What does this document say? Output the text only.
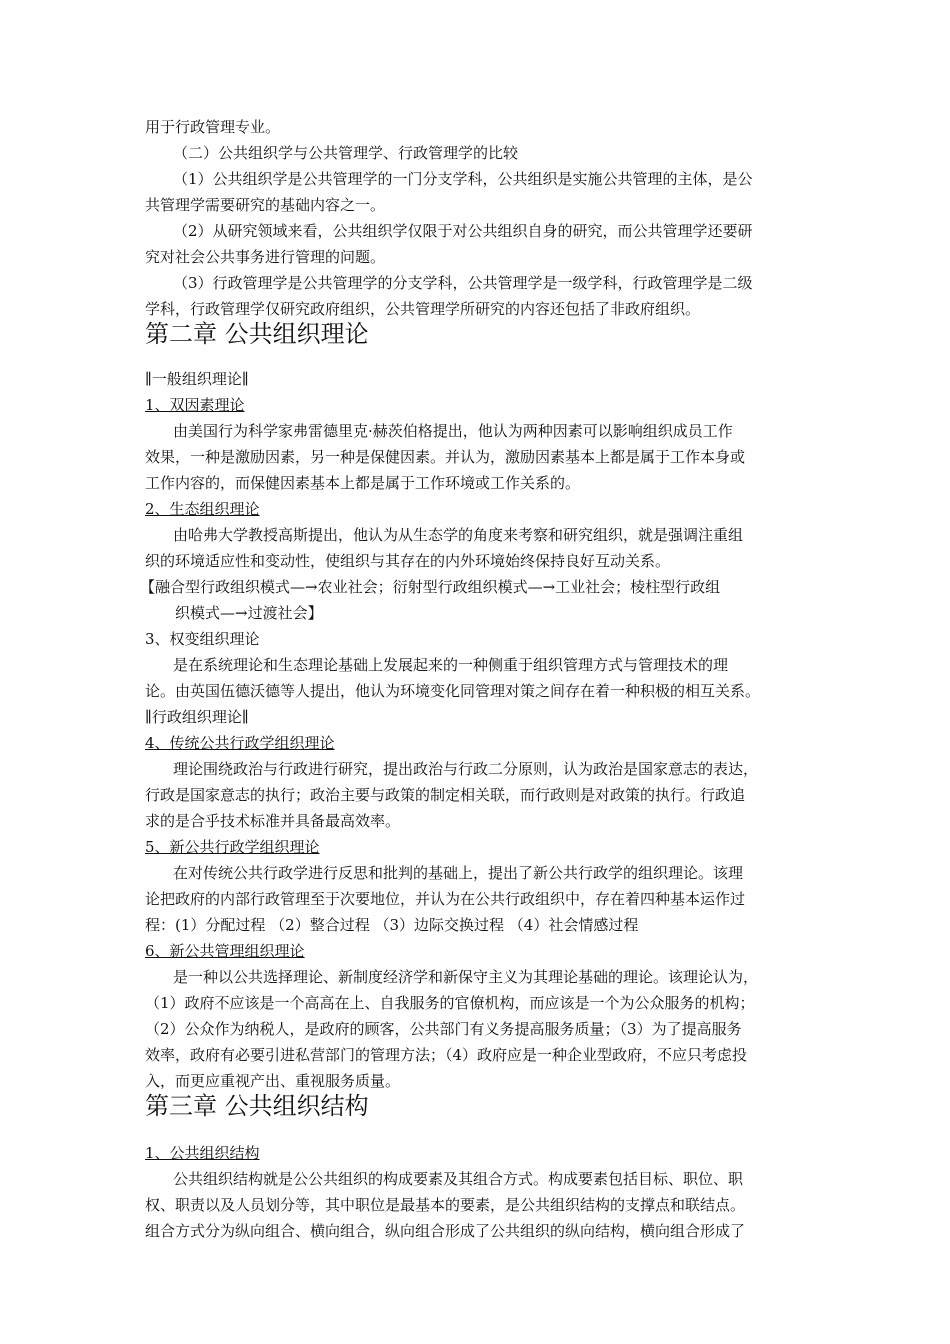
用于行政管理专业。
（二）公共组织学与公共管理学、行政管理学的比较
（1）公共组织学是公共管理学的一门分支学科，公共组织是实施公共管理的主体，是公
共管理学需要研究的基础内容之一。
（2）从研究领域来看，公共组织学仅限于对公共组织自身的研究，而公共管理学还要研
究对社会公共事务进行管理的问题。
（3）行政管理学是公共管理学的分支学科，公共管理学是一级学科，行政管理学是二级
学科，行政管理学仅研究政府组织，公共管理学所研究的内容还包括了非政府组织。
第二章 公共组织理论
∥一般组织理论∥
1、双因素理论
由美国行为科学家弗雷德里克·赫茨伯格提出，他认为两种因素可以影响组织成员工作
效果，一种是激励因素，另一种是保健因素。并认为，激励因素基本上都是属于工作本身或
工作内容的，而保健因素基本上都是属于工作环境或工作关系的。
2、生态组织理论
由哈弗大学教授高斯提出，他认为从生态学的角度来考察和研究组织，就是强调注重组
织的环境适应性和变动性，使组织与其存在的内外环境始终保持良好互动关系。
【融合型行政组织模式—→农业社会；衍射型行政组织模式—→工业社会；棱柱型行政组
织模式—→过渡社会】
3、权变组织理论
是在系统理论和生态理论基础上发展起来的一种侧重于组织管理方式与管理技术的理
论。由英国伍德沃德等人提出，他认为环境变化同管理对策之间存在着一种积极的相互关系。
∥行政组织理论∥
4、传统公共行政学组织理论
理论围绕政治与行政进行研究，提出政治与行政二分原则，认为政治是国家意志的表达，
行政是国家意志的执行；政治主要与政策的制定相关联，而行政则是对政策的执行。行政追
求的是合乎技术标准并具备最高效率。
5、新公共行政学组织理论
在对传统公共行政学进行反思和批判的基础上，提出了新公共行政学的组织理论。该理
论把政府的内部行政管理至于次要地位，并认为在公共行政组织中，存在着四种基本运作过
程：(1）分配过程 （2）整合过程 （3）边际交换过程 （4）社会情感过程
6、新公共管理组织理论
是一种以公共选择理论、新制度经济学和新保守主义为其理论基础的理论。该理论认为，
（1）政府不应该是一个高高在上、自我服务的官僚机构，而应该是一个为公众服务的机构；
（2）公众作为纳税人，是政府的顾客，公共部门有义务提高服务质量；（3）为了提高服务
效率，政府有必要引进私营部门的管理方法；（4）政府应是一种企业型政府，不应只考虑投
入，而更应重视产出、重视服务质量。
第三章 公共组织结构
1、公共组织结构
公共组织结构就是公公共组织的构成要素及其组合方式。构成要素包括目标、职位、职
权、职责以及人员划分等，其中职位是最基本的要素，是公共组织结构的支撑点和联结点。
组合方式分为纵向组合、横向组合，纵向组合形成了公共组织的纵向结构，横向组合形成了
